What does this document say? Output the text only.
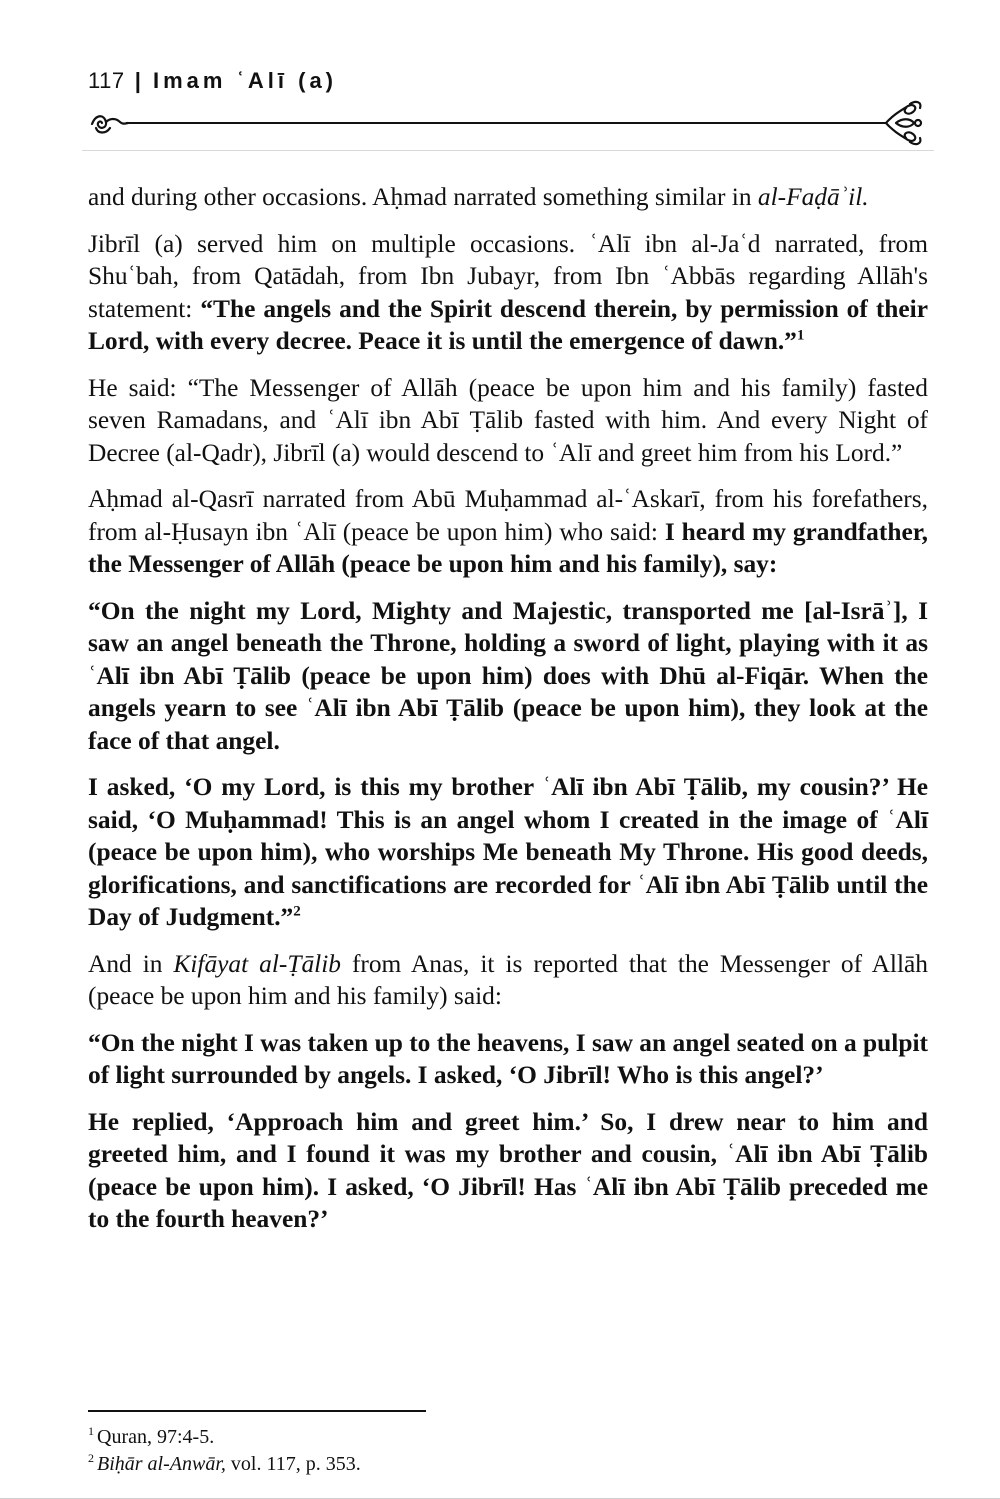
117 | Imam ʿAlī (a)

and during other occasions. Aḥmad narrated something similar in al-Faḍāʾil.

Jibrīl (a) served him on multiple occasions. ʿAlī ibn al-Jaʿd narrated, from Shuʿbah, from Qatādah, from Ibn Jubayr, from Ibn ʿAbbās regarding Allāh's statement: “The angels and the Spirit descend therein, by permission of their Lord, with every decree. Peace it is until the emergence of dawn.”$^1$

He said: “The Messenger of Allāh (peace be upon him and his family) fasted seven Ramadans, and ʿAlī ibn Abī Ṭālib fasted with him. And every Night of Decree (al-Qadr), Jibrīl (a) would descend to ʿAlī and greet him from his Lord.”

Aḥmad al-Qasrī narrated from Abū Muḥammad al-ʿAskarī, from his forefathers, from al-Ḥusayn ibn ʿAlī (peace be upon him) who said: I heard my grandfather, the Messenger of Allāh (peace be upon him and his family), say:

“On the night my Lord, Mighty and Majestic, transported me [al-Isrāʾ], I saw an angel beneath the Throne, holding a sword of light, playing with it as ʿAlī ibn Abī Ṭālib (peace be upon him) does with Dhū al-Fiqār. When the angels yearn to see ʿAlī ibn Abī Ṭālib (peace be upon him), they look at the face of that angel.

I asked, ‘O my Lord, is this my brother ʿAlī ibn Abī Ṭālib, my cousin?’ He said, ‘O Muḥammad! This is an angel whom I created in the image of ʿAlī (peace be upon him), who worships Me beneath My Throne. His good deeds, glorifications, and sanctifications are recorded for ʿAlī ibn Abī Ṭālib until the Day of Judgment.”$^2$

And in Kifāyat al-Ṭālib from Anas, it is reported that the Messenger of Allāh (peace be upon him and his family) said:

“On the night I was taken up to the heavens, I saw an angel seated on a pulpit of light surrounded by angels. I asked, ‘O Jibrīl! Who is this angel?’

He replied, ‘Approach him and greet him.’ So, I drew near to him and greeted him, and I found it was my brother and cousin, ʿAlī ibn Abī Ṭālib (peace be upon him). I asked, ‘O Jibrīl! Has ʿAlī ibn Abī Ṭālib preceded me to the fourth heaven?’

$^1$ Quran, 97:4-5.
$^2$ Biḥār al-Anwār, vol. 117, p. 353.
